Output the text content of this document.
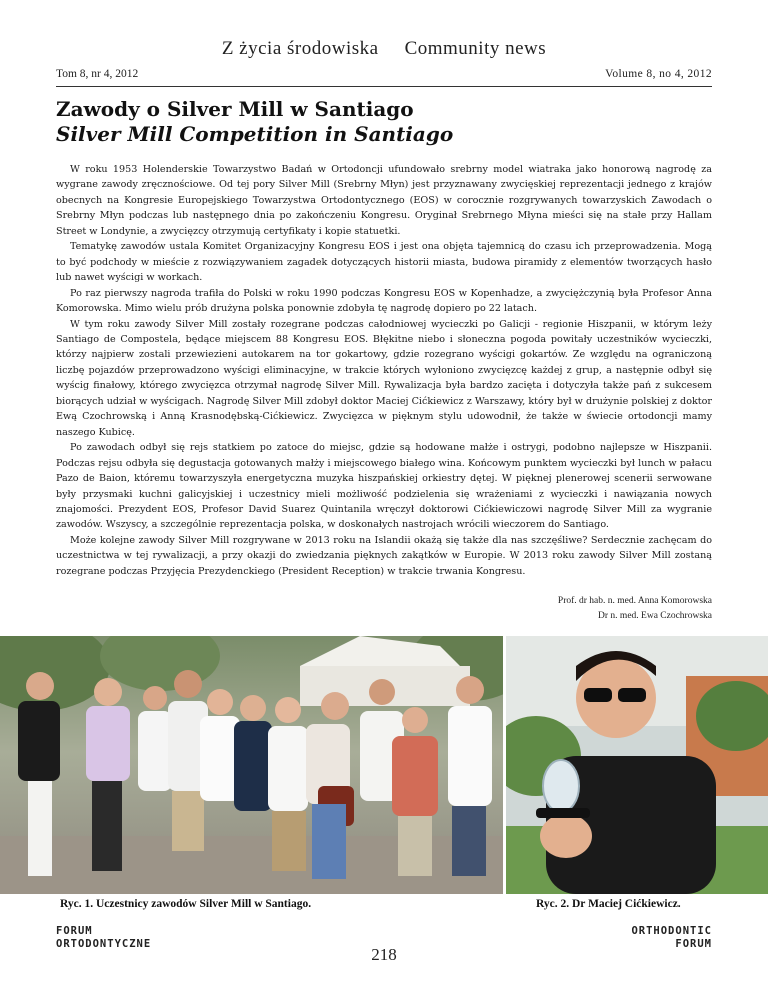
Z życia środowiska Community news
Tom 8, nr 4, 2012	Volume 8, no 4, 2012
Zawody o Silver Mill w Santiago
Silver Mill Competition in Santiago

W roku 1953 Holenderskie Towarzystwo Badań w Ortodoncji ufundowało srebrny model wiatraka jako honorową nagrodę za wygrane zawody zręcznościowe. Od tej pory Silver Mill (Srebrny Młyn) jest przyznawany zwycięskiej reprezentacji jednego z krajów obecnych na Kongresie Europejskiego Towarzystwa Ortodontycznego (EOS) w corocznie rozgrywanych towarzyskich Zawodach o Srebrny Młyn podczas lub następnego dnia po zakończeniu Kongresu. Oryginał Srebrnego Młyna mieści się na stałe przy Hallam Street w Londynie, a zwycięzcy otrzymują certyfikaty i kopie statuetki.

Tematykę zawodów ustala Komitet Organizacyjny Kongresu EOS i jest ona objęta tajemnicą do czasu ich przeprowadzenia. Mogą to być podchody w mieście z rozwiązywaniem zagadek dotyczących historii miasta, budowa piramidy z elementów tworzących hasło lub nawet wyścigi w workach.

Po raz pierwszy nagroda trafiła do Polski w roku 1990 podczas Kongresu EOS w Kopenhadze, a zwyciężczynią była Profesor Anna Komorowska. Mimo wielu prób drużyna polska ponownie zdobyła tę nagrodę dopiero po 22 latach.

W tym roku zawody Silver Mill zostały rozegrane podczas całodniowej wycieczki po Galicji - regionie Hiszpanii, w którym leży Santiago de Compostela, będące miejscem 88 Kongresu EOS. Błękitne niebo i słoneczna pogoda powitały uczestników wycieczki, którzy najpierw zostali przewiezieni autokarem na tor gokartowy, gdzie rozegrano wyścigi gokartów. Ze względu na ograniczoną liczbę pojazdów przeprowadzono wyścigi eliminacyjne, w trakcie których wyłoniono zwycięzcę każdej z grup, a następnie odbył się wyścig finałowy, którego zwycięzca otrzymał nagrodę Silver Mill. Rywalizacja była bardzo zacięta i dotyczyła także pań z sukcesem biorących udział w wyścigach. Nagrodę Silver Mill zdobył doktor Maciej Cićkiewicz z Warszawy, który był w drużynie polskiej z doktor Ewą Czochrowską i Anną Krasnodębską-Cićkiewicz. Zwycięzca w pięknym stylu udowodnił, że także w świecie ortodoncji mamy naszego Kubicę.

Po zawodach odbył się rejs statkiem po zatoce do miejsc, gdzie są hodowane małże i ostrygi, podobno najlepsze w Hiszpanii. Podczas rejsu odbyła się degustacja gotowanych małży i miejscowego białego wina. Końcowym punktem wycieczki był lunch w pałacu Pazo de Baion, któremu towarzyszyła energetyczna muzyka hiszpańskiej orkiestry dętej. W pięknej plenerowej scenerii serwowane były przysmaki kuchni galicyjskiej i uczestnicy mieli możliwość podzielenia się wrażeniami z wycieczki i nawiązania nowych znajomości. Prezydent EOS, Profesor David Suarez Quintanila wręczył doktorowi Cićkiewiczowi nagrodę Silver Mill za wygranie zawodów. Wszyscy, a szczególnie reprezentacja polska, w doskonałych nastrojach wrócili wieczorem do Santiago.

Może kolejne zawody Silver Mill rozgrywane w 2013 roku na Islandii okażą się także dla nas szczęśliwe? Serdecznie zachęcam do uczestnictwa w tej rywalizacji, a przy okazji do zwiedzania pięknych zakątków w Europie. W 2013 roku zawody Silver Mill zostaną rozegrane podczas Przyjęcia Prezydenckiego (President Reception) w trakcie trwania Kongresu.

Prof. dr hab. n. med. Anna Komorowska
Dr n. med. Ewa Czochrowska
Ryc. 1. Uczestnicy zawodów Silver Mill w Santiago.	Ryc. 2. Dr Maciej Cićkiewicz.
FORUM
ORTODONTYCZNE
218
ORTHODONTIC
FORUM
